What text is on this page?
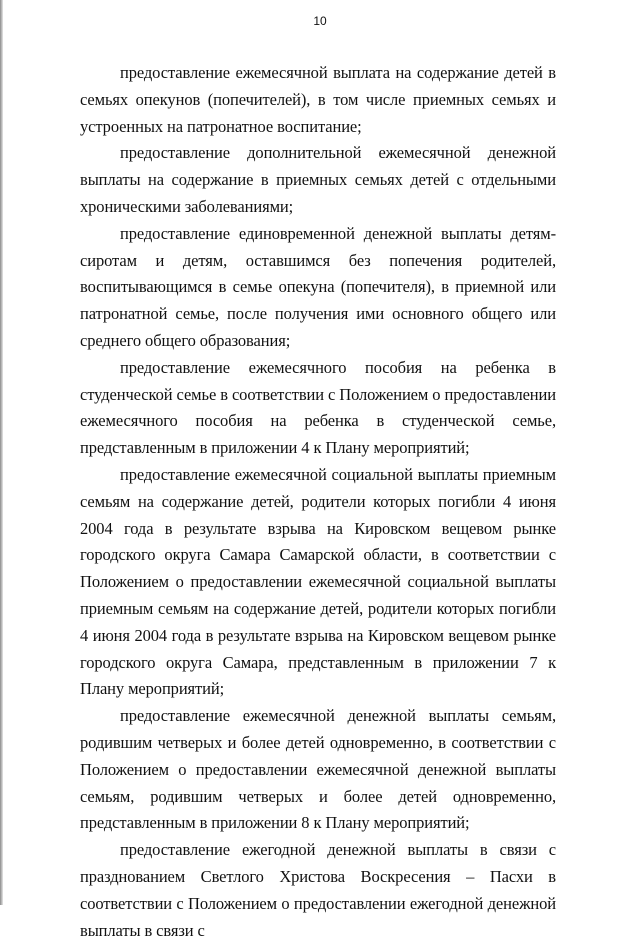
10

предоставление ежемесячной выплата на содержание детей в семьях опекунов (попечителей), в том числе приемных семьях и устроенных на патронатное воспитание;

предоставление дополнительной ежемесячной денежной выплаты на содержание в приемных семьях детей с отдельными хроническими заболеваниями;

предоставление единовременной денежной выплаты детям-сиротам и детям, оставшимся без попечения родителей, воспитывающимся в семье опекуна (попечителя), в приемной или патронатной семье, после получения ими основного общего или среднего общего образования;

предоставление ежемесячного пособия на ребенка в студенческой семье в соответствии с Положением о предоставлении ежемесячного пособия на ребенка в студенческой семье, представленным в приложении 4 к Плану мероприятий;

предоставление ежемесячной социальной выплаты приемным семьям на содержание детей, родители которых погибли 4 июня 2004 года в результате взрыва на Кировском вещевом рынке городского округа Самара Самарской области, в соответствии с Положением о предоставлении ежемесячной социальной выплаты приемным семьям на содержание детей, родители которых погибли 4 июня 2004 года в результате взрыва на Кировском вещевом рынке городского округа Самара, представленным в приложении 7 к Плану мероприятий;

предоставление ежемесячной денежной выплаты семьям, родившим четверых и более детей одновременно, в соответствии с Положением о предоставлении ежемесячной денежной выплаты семьям, родившим четверых и более детей одновременно, представленным в приложении 8 к Плану мероприятий;

предоставление ежегодной денежной выплаты в связи с празднованием Светлого Христова Воскресения – Пасхи в соответствии с Положением о предоставлении ежегодной денежной выплаты в связи с
